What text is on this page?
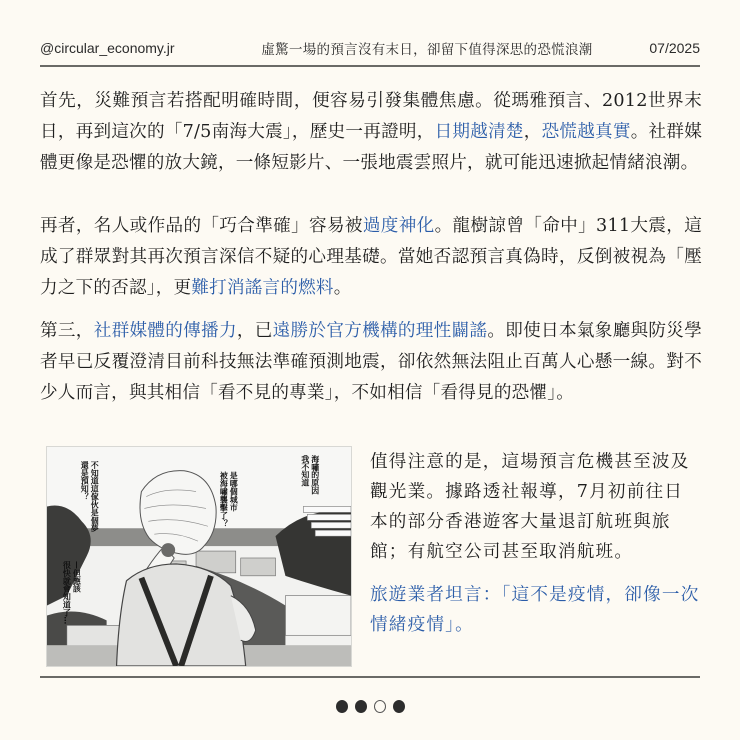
@circular_economy.jr	虛驚一場的預言沒有末日，卻留下值得深思的恐慌浪潮	07/2025

首先，災難預言若搭配明確時間，便容易引發集體焦慮。從瑪雅預言、2012世界末日，再到這次的「7/5南海大震」，歷史一再證明，日期越清楚，恐慌越真實。社群媒體更像是恐懼的放大鏡，一條短影片、一張地震雲照片，就可能迅速掀起情緒浪潮。

再者，名人或作品的「巧合準確」容易被過度神化。龍樹諒曾「命中」311大震，這成了群眾對其再次預言深信不疑的心理基礎。當她否認預言真偽時，反倒被視為「壓力之下的否認」，更難打消謠言的燃料。

第三，社群媒體的傳播力，已遠勝於官方機構的理性闢謠。即使日本氣象廳與防災學者早已反覆澄清目前科技無法準確預測地震，卻依然無法阻止百萬人心懸一線。對不少人而言，與其相信「看不見的專業」，不如相信「看得見的恐懼」。

不知道這傢伙是個夢
還是預知？	是哪個城市
被海嘯襲擊了？	海嘯的原因
我不知道
—但應該
很快就會知道了…

值得注意的是，這場預言危機甚至波及觀光業。據路透社報導，7月初前往日本的部分香港遊客大量退訂航班與旅館；有航空公司甚至取消航班。

旅遊業者坦言：「這不是疫情，卻像一次情緒疫情」。
